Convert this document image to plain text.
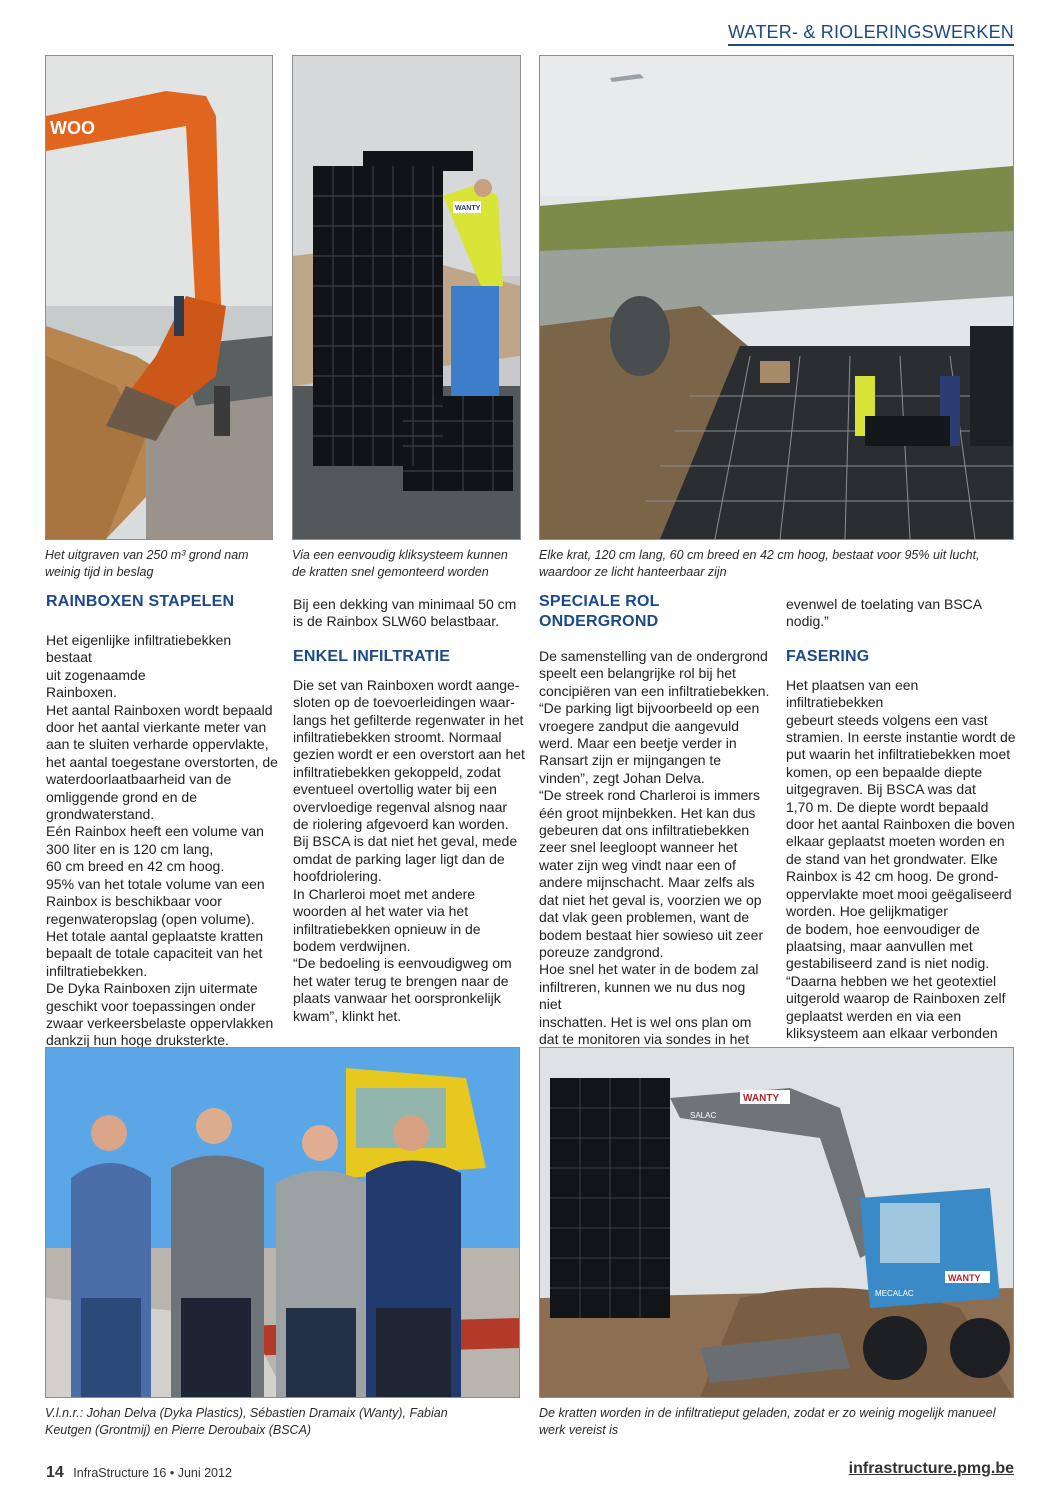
WATER- & RIOLERINGSWERKEN
WOO
Het uitgraven van 250 m³ grond nam weinig tijd in beslag
WANTY
Via een eenvoudig kliksysteem kunnen de kratten snel gemonteerd worden
Elke krat, 120 cm lang, 60 cm breed en 42 cm hoog, bestaat voor 95% uit lucht, waardoor ze licht hanteerbaar zijn
RAINBOXEN STAPELEN

Het eigenlijke infiltratiebekken bestaat

uit zogenaamde

Rainboxen.

Het aantal Rainboxen wordt bepaald

door het aantal vierkante meter van

aan te sluiten verharde oppervlakte,

het aantal toegestane overstorten, de

waterdoorlaatbaarheid van de

omliggende grond en de

grondwaterstand.

Eén Rainbox heeft een volume van

300 liter en is 120 cm lang,

60 cm breed en 42 cm hoog.

95% van het totale volume van een

Rainbox is beschikbaar voor

regenwateropslag (open volume).

Het totale aantal geplaatste kratten

bepaalt de totale capaciteit van het

infiltratiebekken.

De Dyka Rainboxen zijn uitermate

geschikt voor toepassingen onder

zwaar verkeersbelaste oppervlakken

dankzij hun hoge druksterkte.

Bij een dekking van minimaal 50 cm

is de Rainbox SLW60 belastbaar.

ENKEL INFILTRATIE

Die set van Rainboxen wordt aange-

sloten op de toevoerleidingen waar-

langs het gefilterde regenwater in het

infiltratiebekken stroomt. Normaal

gezien wordt er een overstort aan het

infiltratiebekken gekoppeld, zodat

eventueel overtollig water bij een

overvloedige regenval alsnog naar

de riolering afgevoerd kan worden.

Bij BSCA is dat niet het geval, mede

omdat de parking lager ligt dan de

hoofdriolering.

In Charleroi moet met andere

woorden al het water via het

infiltratiebekken opnieuw in de

bodem verdwijnen.

“De bedoeling is eenvoudigweg om

het water terug te brengen naar de

plaats vanwaar het oorspronkelijk

kwam”, klinkt het.

SPECIALE ROL ONDERGROND

De samenstelling van de ondergrond

speelt een belangrijke rol bij het

concipiëren van een infiltratiebekken.

“De parking ligt bijvoorbeeld op een

vroegere zandput die aangevuld

werd. Maar een beetje verder in

Ransart zijn er mijngangen te

vinden”, zegt Johan Delva.

“De streek rond Charleroi is immers

één groot mijnbekken. Het kan dus

gebeuren dat ons infiltratiebekken

zeer snel leegloopt wanneer het

water zijn weg vindt naar een of

andere mijnschacht. Maar zelfs als

dat niet het geval is, voorzien we op

dat vlak geen problemen, want de

bodem bestaat hier sowieso uit zeer

poreuze zandgrond.

Hoe snel het water in de bodem zal

infiltreren, kunnen we nu dus nog niet

inschatten. Het is wel ons plan om

dat te monitoren via sondes in het

evenwel de toelating van BSCA

nodig.”

FASERING

Het plaatsen van een infiltratiebekken

gebeurt steeds volgens een vast

stramien. In eerste instantie wordt de

put waarin het infiltratiebekken moet

komen, op een bepaalde diepte

uitgegraven. Bij BSCA was dat

1,70 m. De diepte wordt bepaald

door het aantal Rainboxen die boven

elkaar geplaatst moeten worden en

de stand van het grondwater. Elke

Rainbox is 42 cm hoog. De grond-

oppervlakte moet mooi geëgaliseerd

worden. Hoe gelijkmatiger

de bodem, hoe eenvoudiger de

plaatsing, maar aanvullen met

gestabiliseerd zand is niet nodig.

“Daarna hebben we het geotextiel

uitgerold waarop de Rainboxen zelf

geplaatst werden en via een

kliksysteem aan elkaar verbonden

V.l.n.r.: Johan Delva (Dyka Plastics), Sébastien Dramaix (Wanty), Fabian Keutgen (Grontmij) en Pierre Deroubaix (BSCA)
WANTY
SALAC
WANTY
MECALAC
De kratten worden in de infiltratieput geladen, zodat er zo weinig mogelijk manueel werk vereist is
14 InfraStructure 16 • Juni 2012	infrastructure.pmg.be
